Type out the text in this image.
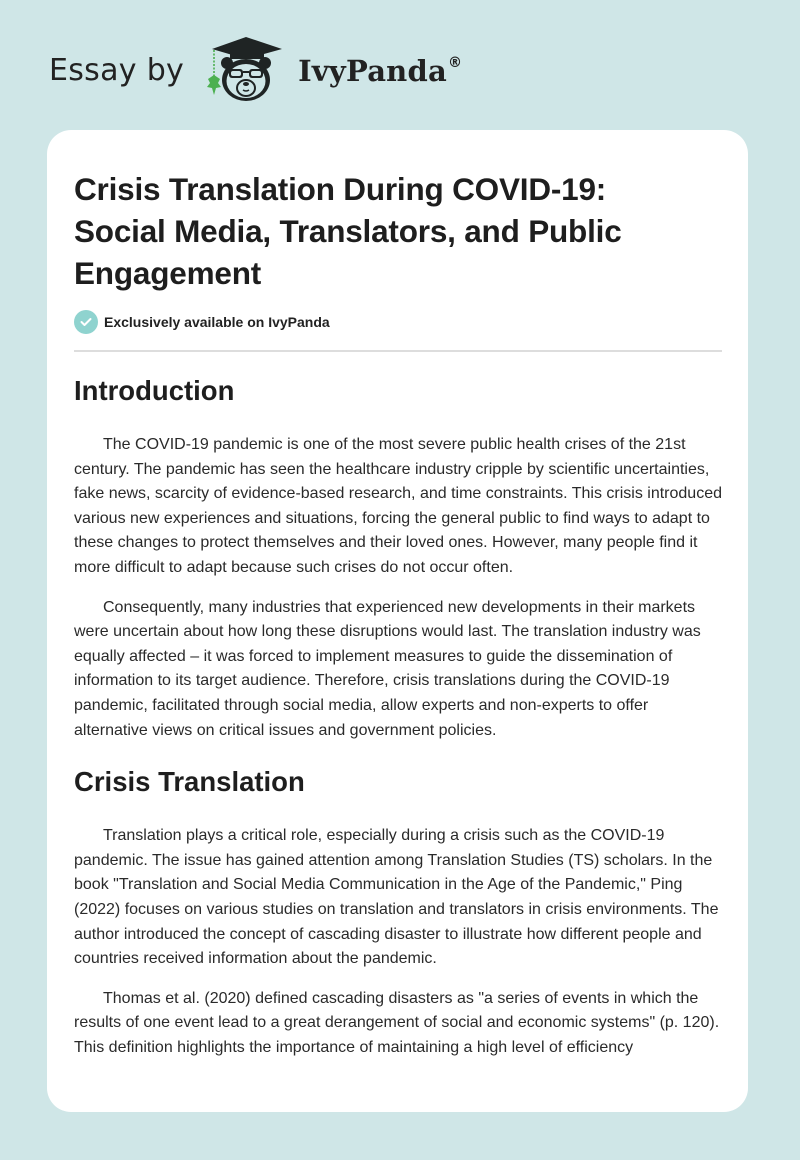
Essay by	IvyPanda®
Crisis Translation During COVID-19:
Social Media, Translators, and Public
Engagement
Exclusively available on IvyPanda
Introduction

The COVID-19 pandemic is one of the most severe public health crises of the 21st century. The pandemic has seen the healthcare industry cripple by scientific uncertainties, fake news, scarcity of evidence-based research, and time constraints. This crisis introduced various new experiences and situations, forcing the general public to find ways to adapt to these changes to protect themselves and their loved ones. However, many people find it more difficult to adapt because such crises do not occur often.

Consequently, many industries that experienced new developments in their markets were uncertain about how long these disruptions would last. The translation industry was equally affected – it was forced to implement measures to guide the dissemination of information to its target audience. Therefore, crisis translations during the COVID-19 pandemic, facilitated through social media, allow experts and non-experts to offer alternative views on critical issues and government policies.

Crisis Translation

Translation plays a critical role, especially during a crisis such as the COVID-19 pandemic. The issue has gained attention among Translation Studies (TS) scholars. In the book "Translation and Social Media Communication in the Age of the Pandemic," Ping (2022) focuses on various studies on translation and translators in crisis environments. The author introduced the concept of cascading disaster to illustrate how different people and countries received information about the pandemic.

Thomas et al. (2020) defined cascading disasters as "a series of events in which the results of one event lead to a great derangement of social and economic systems" (p. 120). This definition highlights the importance of maintaining a high level of efficiency
